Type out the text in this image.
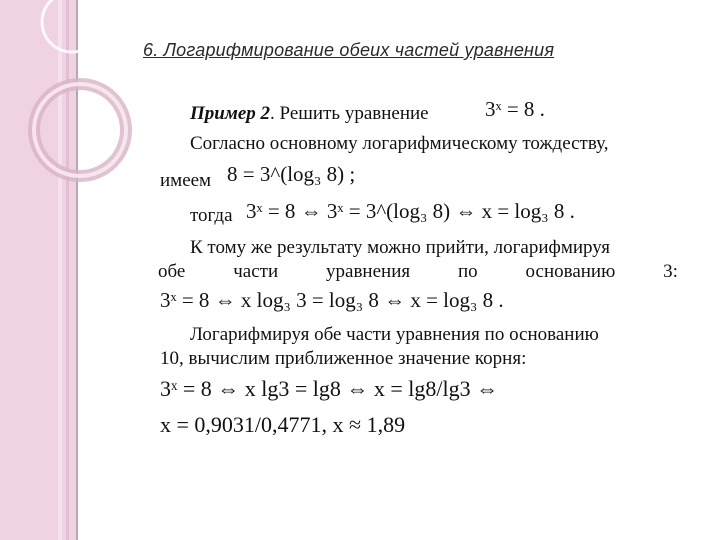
6. Логарифмирование обеих частей уравнения
Пример 2. Решить уравнение	3ˣ = 8 .
Согласно основному логарифмическому тождеству,
имеем 8 = 3^(log₃ 8) ;
тогда 3ˣ = 8 ⇔ 3ˣ = 3^(log₃ 8) ⇔ x = log₃ 8 .
К тому же результату можно прийти, логарифмируя
обе	части	уравнения	по	основанию	3:
3ˣ = 8 ⇔ x log₃ 3 = log₃ 8 ⇔ x = log₃ 8 .
Логарифмируя обе части уравнения по основанию
10, вычислим приближенное значение корня:
3ˣ = 8 ⇔ x lg3 = lg8 ⇔ x = lg8/lg3 ⇔
x = 0,9031/0,4771, x ≈ 1,89
